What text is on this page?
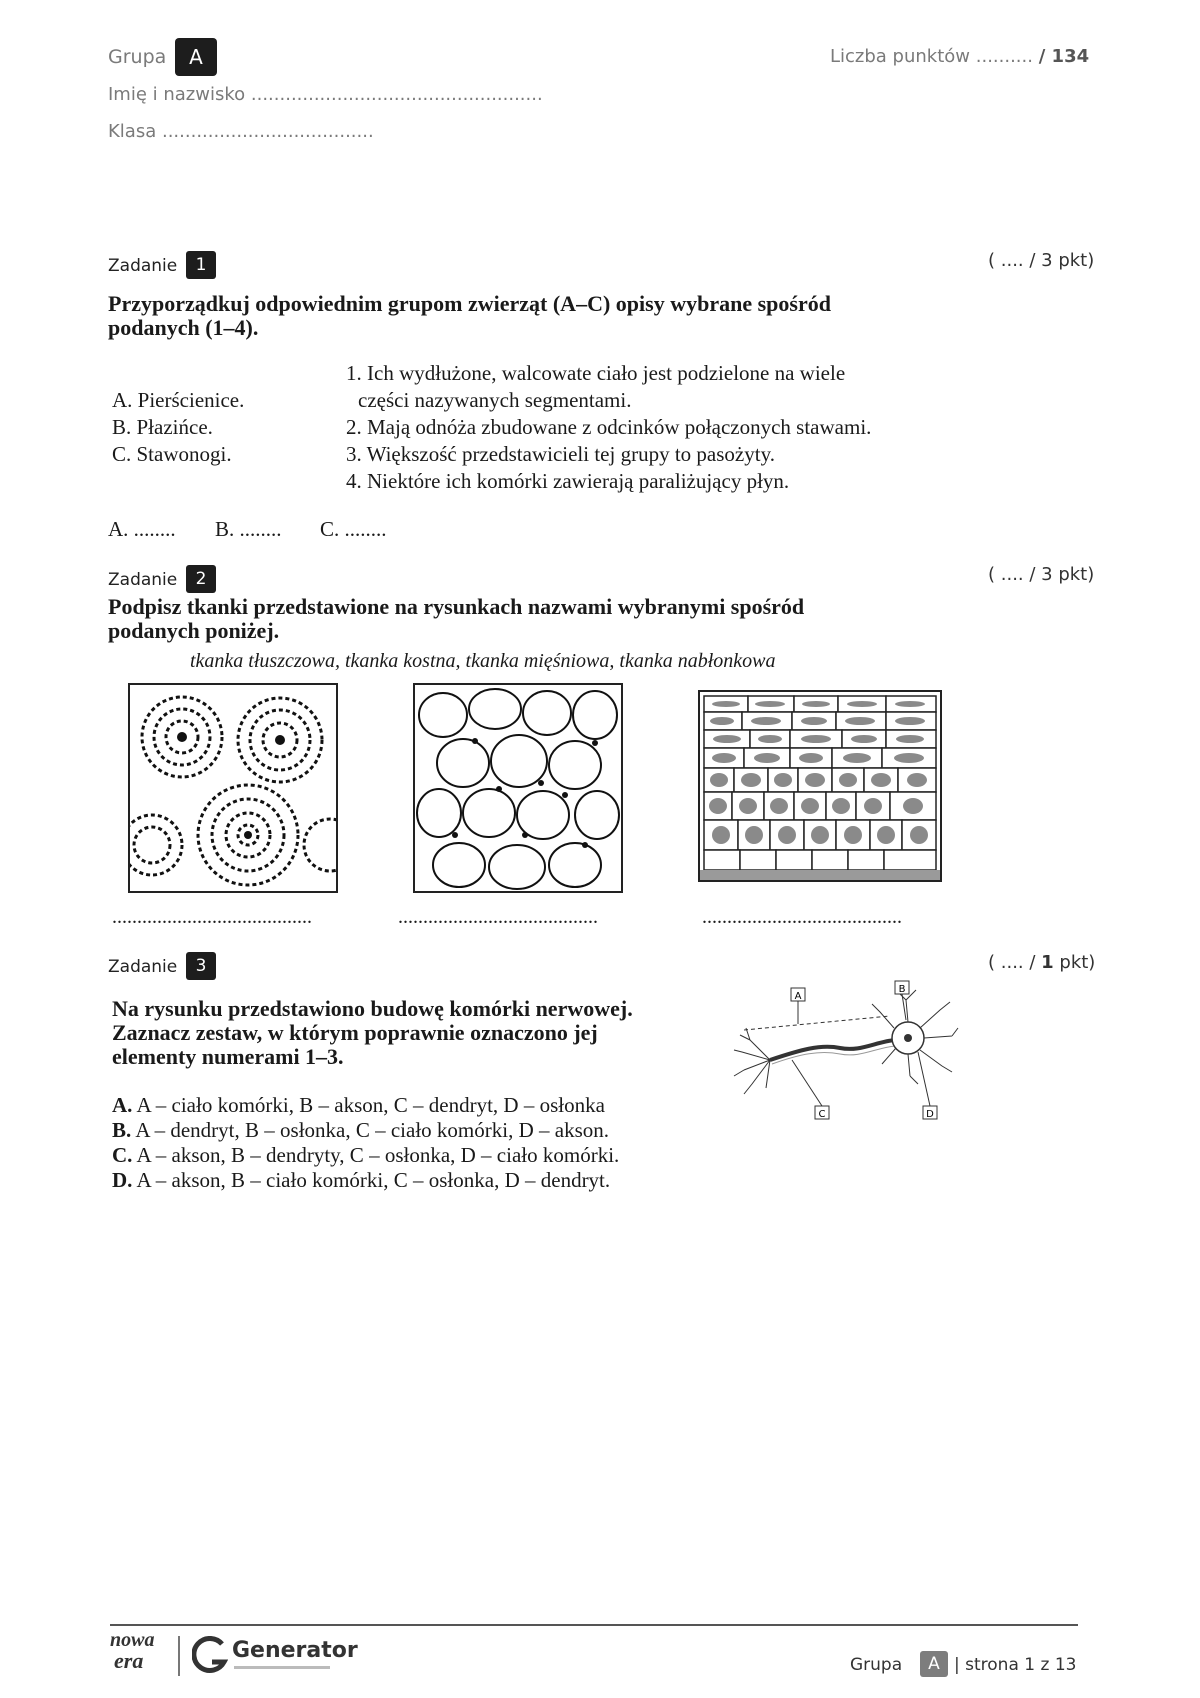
Grupa	A
Imię i nazwisko ...................................................
Klasa .....................................
Liczba punktów .......... / 134
Zadanie	1	( .... / 3 pkt)
Przyporządkuj odpowiednim grupom zwierząt (A–C) opisy wybrane spośród
podanych (1–4).
A. Pierścienice.
B. Płazińce.
C. Stawonogi.
1. Ich wydłużone, walcowate ciało jest podzielone na wiele
części nazywanych segmentami.
2. Mają odnóża zbudowane z odcinków połączonych stawami.
3. Większość przedstawicieli tej grupy to pasożyty.
4. Niektóre ich komórki zawierają paraliżujący płyn.
A. ........ B. ........ C. ........
Zadanie	2	( .... / 3 pkt)
Podpisz tkanki przedstawione na rysunkach nazwami wybranymi spośród
podanych poniżej.
tkanka tłuszczowa, tkanka kostna, tkanka mięśniowa, tkanka nabłonkowa
........................................	........................................	........................................
Zadanie	3	( .... / 1 pkt)
Na rysunku przedstawiono budowę komórki nerwowej.
Zaznacz zestaw, w którym poprawnie oznaczono jej
elementy numerami 1–3.
A. A – ciało komórki, B – akson, C – dendryt, D – osłonka
B. A – dendryt, B – osłonka, C – ciało komórki, D – akson.
C. A – akson, B – dendryty, C – osłonka, D – ciało komórki.
D. A – akson, B – ciało komórki, C – osłonka, D – dendryt.
A
B
C	D
nowa
era	Generator
Grupa	A | strona 1 z 13
